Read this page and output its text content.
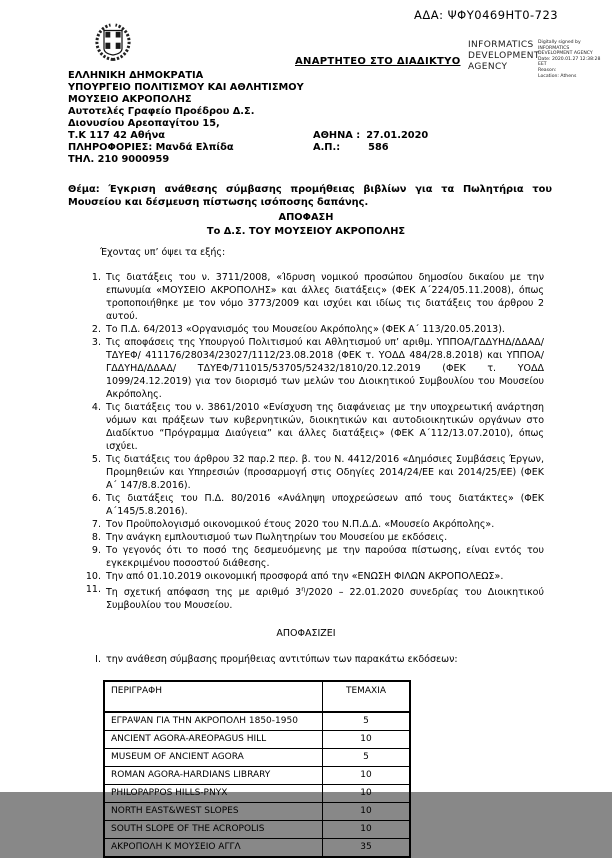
ΑΔΑ: ΨΦΥ0469ΗΤ0-723
ΑΝΑΡΤΗΤΕΟ ΣΤΟ ΔΙΑΔΙΚΤΥΟ
INFORMATICS DEVELOPMENT AGENCY
Digitally signed by
INFORMATICS
DEVELOPMENT AGENCY
Date: 2020.01.27 12:38:28
EET
Reason:
Location: Athens
ΕΛΛΗΝΙΚΗ ΔΗΜΟΚΡΑΤΙΑ
ΥΠΟΥΡΓΕΙΟ ΠΟΛΙΤΙΣΜΟΥ ΚΑΙ ΑΘΛΗΤΙΣΜΟΥ
ΜΟΥΣΕΙΟ ΑΚΡΟΠΟΛΗΣ
Αυτοτελές Γραφείο Προέδρου Δ.Σ.
Διονυσίου Αρεοπαγίτου 15,
Τ.Κ 117 42 Αθήνα	ΑΘΗΝΑ : 27.01.2020
ΠΛΗΡΟΦΟΡΙΕΣ: Μανδά Ελπίδα	Α.Π.:	586
ΤΗΛ. 210 9000959
Θέμα: Έγκριση ανάθεσης σύμβασης προμήθειας βιβλίων για τα Πωλητήρια του Μουσείου και δέσμευση πίστωσης ισόποσης δαπάνης.
ΑΠΟΦΑΣΗ
Το Δ.Σ. ΤΟΥ ΜΟΥΣΕΙΟΥ ΑΚΡΟΠΟΛΗΣ
Έχοντας υπ’ όψει τα εξής:
1. Τις διατάξεις του ν. 3711/2008, «Ίδρυση νομικού προσώπου δημοσίου δικαίου με την επωνυμία «ΜΟΥΣΕΙΟ ΑΚΡΟΠΟΛΗΣ» και άλλες διατάξεις» (ΦΕΚ Α΄224/05.11.2008), όπως τροποποιήθηκε με τον νόμο 3773/2009 και ισχύει και ιδίως τις διατάξεις του άρθρου 2 αυτού.
2. Το Π.Δ. 64/2013 «Οργανισμός του Μουσείου Ακρόπολης» (ΦΕΚ Α΄ 113/20.05.2013).
3. Τις αποφάσεις της Υπουργού Πολιτισμού και Αθλητισμού υπ’ αριθμ. ΥΠΠΟΑ/ΓΔΔΥΗΔ/ΔΔΑΔ/ΤΔΥΕΦ/ 411176/28034/23027/1112/23.08.2018 (ΦΕΚ τ. ΥΟΔΔ 484/28.8.2018) και ΥΠΠΟΑ/ΓΔΔΥΗΔ/ΔΔΑΔ/ ΤΔΥΕΦ/711015/53705/52432/1810/20.12.2019 (ΦΕΚ τ. ΥΟΔΔ 1099/24.12.2019) για τον διορισμό των μελών του Διοικητικού Συμβουλίου του Μουσείου Ακρόπολης.
4. Τις διατάξεις του ν. 3861/2010 «Ενίσχυση της διαφάνειας με την υποχρεωτική ανάρτηση νόμων και πράξεων των κυβερνητικών, διοικητικών και αυτοδιοικητικών οργάνων στο Διαδίκτυο “Πρόγραμμα Διαύγεια” και άλλες διατάξεις» (ΦΕΚ Α΄112/13.07.2010), όπως ισχύει.
5. Τις διατάξεις του άρθρου 32 παρ.2 περ. β. του Ν. 4412/2016 «Δημόσιες Συμβάσεις Έργων, Προμηθειών και Υπηρεσιών (προσαρμογή στις Οδηγίες 2014/24/ΕΕ και 2014/25/ΕΕ) (ΦΕΚ Α΄ 147/8.8.2016).
6. Τις διατάξεις του Π.Δ. 80/2016 «Ανάληψη υποχρεώσεων από τους διατάκτες» (ΦΕΚ Α΄145/5.8.2016).
7. Τον Προϋπολογισμό οικονομικού έτους 2020 του Ν.Π.Δ.Δ. «Μουσείο Ακρόπολης».
8. Την ανάγκη εμπλουτισμού των Πωλητηρίων του Μουσείου με εκδόσεις.
9. Το γεγονός ότι το ποσό της δεσμευόμενης με την παρούσα πίστωσης, είναι εντός του εγκεκριμένου ποσοστού διάθεσης.
10. Την από 01.10.2019 οικονομική προσφορά από την «ΕΝΩΣΗ ΦΙΛΩΝ ΑΚΡΟΠΟΛΕΩΣ».
11. Τη σχετική απόφαση της με αριθμό $3^\eta/2020 - 22.01.2020$ συνεδρίας του Διοικητικού Συμβουλίου του Μουσείου.
ΑΠΟΦΑΣΙΖΕΙ
I. την ανάθεση σύμβασης προμήθειας αντιτύπων των παρακάτω εκδόσεων:
ΠΕΡΙΓΡΑΦΗ	ΤΕΜΑΧΙΑ
ΕΓΡΑΨΑΝ ΓΙΑ ΤΗΝ ΑΚΡΟΠΟΛΗ 1850-1950	5
ANCIENT AGORA-AREOPAGUS HILL	10
MUSEUM OF ANCIENT AGORA	5
ROMAN AGORA-HARDIANS LIBRARY	10
PHILOPAPPOS HILLS-PNYX	10
NORTH EAST&WEST SLOPES	10
SOUTH SLOPE OF THE ACROPOLIS	10
ΑΚΡΟΠΟΛΗ Κ ΜΟΥΣΕΙΟ ΑΓΓΛ	35
